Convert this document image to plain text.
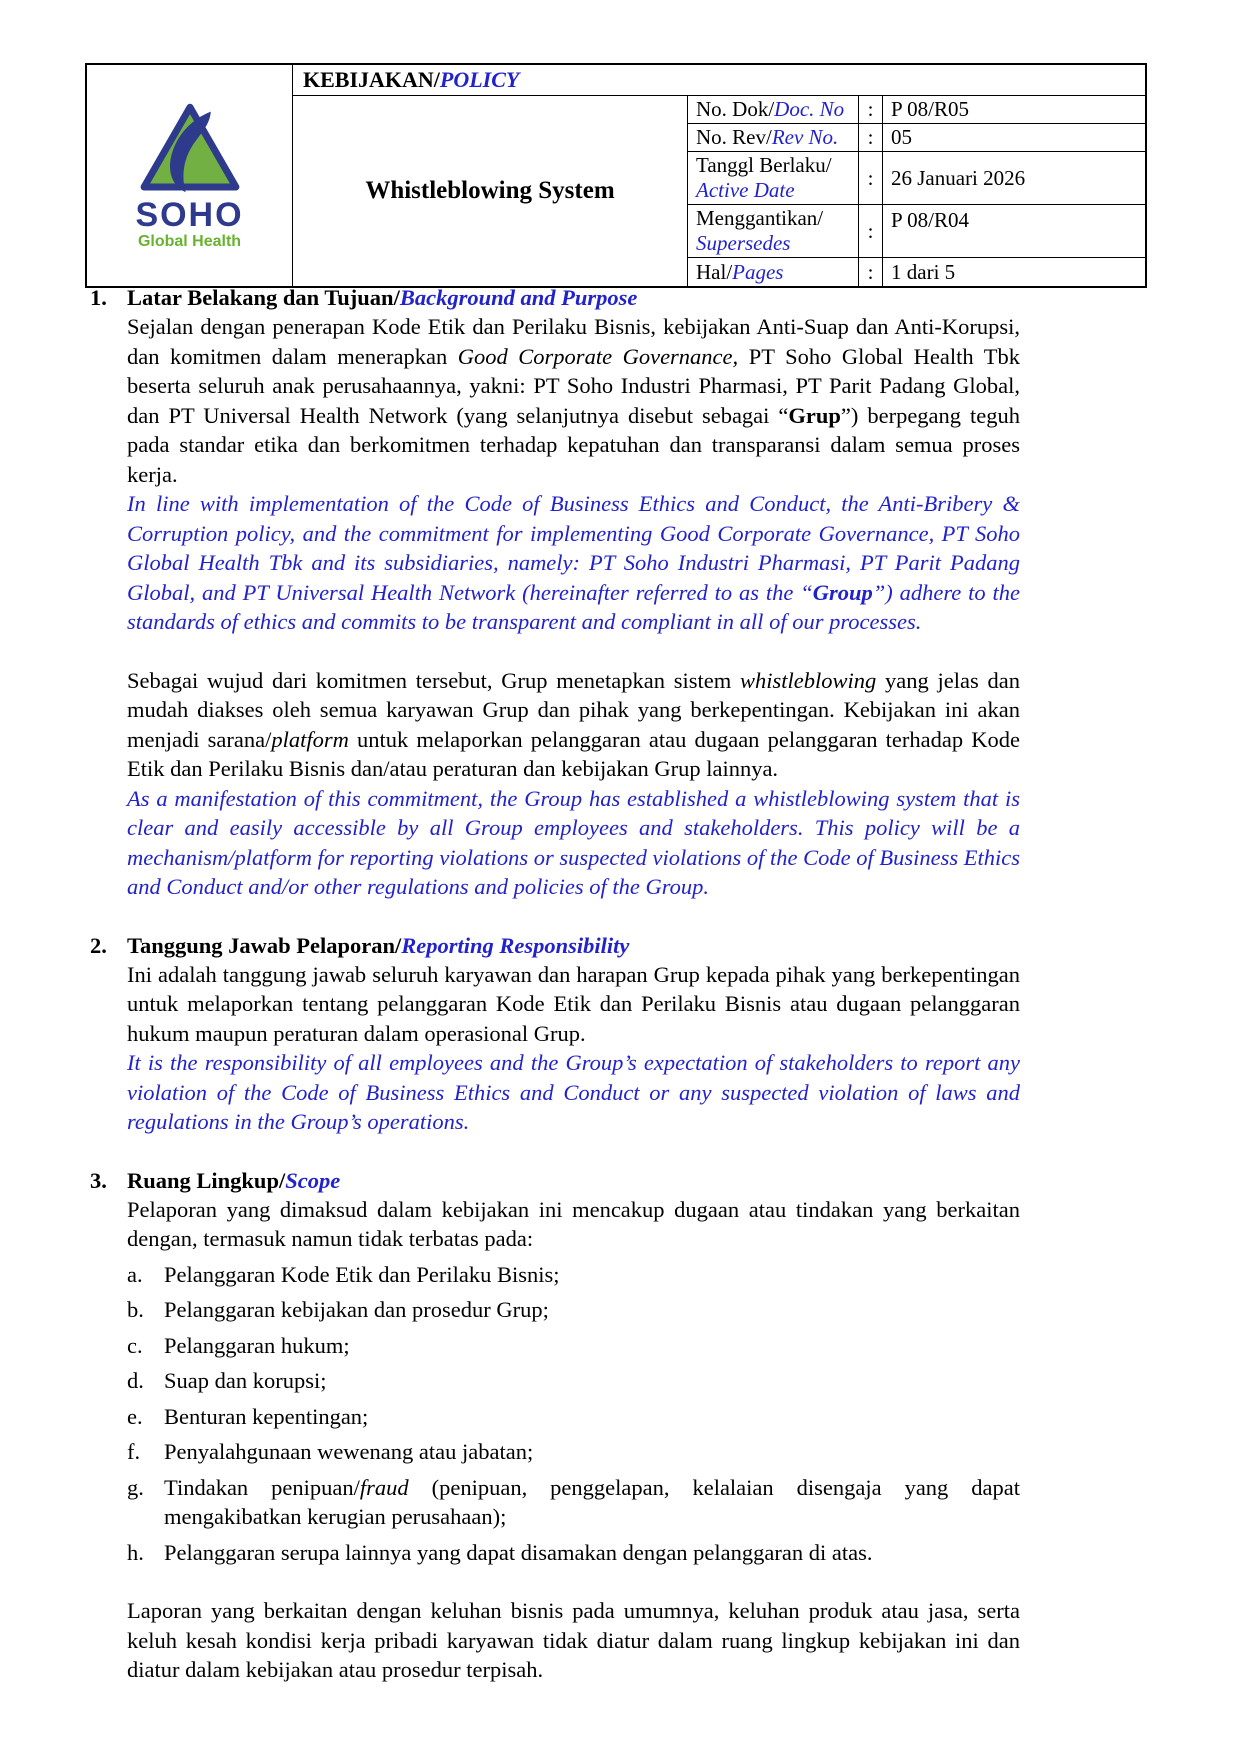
SOHO
Global Health
KEBIJAKAN/ POLICY
Whistleblowing System
No. Dok/ Doc. No	: P 08/R05
No. Rev/ Rev No.	: 05
Tanggl Berlaku/
Active Date
: 26 Januari 2026
Menggantikan/
Supersedes
: P 08/R04
Hal/ Pages	: 1 dari 5
1. Latar Belakang dan Tujuan/Background and Purpose

Sejalan dengan penerapan Kode Etik dan Perilaku Bisnis, kebijakan Anti-Suap dan Anti-Korupsi, dan komitmen dalam menerapkan Good Corporate Governance, PT Soho Global Health Tbk beserta seluruh anak perusahaannya, yakni: PT Soho Industri Pharmasi, PT Parit Padang Global, dan PT Universal Health Network (yang selanjutnya disebut sebagai “Grup”) berpegang teguh pada standar etika dan berkomitmen terhadap kepatuhan dan transparansi dalam semua proses kerja.

In line with implementation of the Code of Business Ethics and Conduct, the Anti-Bribery & Corruption policy, and the commitment for implementing Good Corporate Governance, PT Soho Global Health Tbk and its subsidiaries, namely: PT Soho Industri Pharmasi, PT Parit Padang Global, and PT Universal Health Network (hereinafter referred to as the “Group”) adhere to the standards of ethics and commits to be transparent and compliant in all of our processes.

Sebagai wujud dari komitmen tersebut, Grup menetapkan sistem whistleblowing yang jelas dan mudah diakses oleh semua karyawan Grup dan pihak yang berkepentingan. Kebijakan ini akan menjadi sarana/platform untuk melaporkan pelanggaran atau dugaan pelanggaran terhadap Kode Etik dan Perilaku Bisnis dan/atau peraturan dan kebijakan Grup lainnya.

As a manifestation of this commitment, the Group has established a whistleblowing system that is clear and easily accessible by all Group employees and stakeholders. This policy will be a mechanism/platform for reporting violations or suspected violations of the Code of Business Ethics and Conduct and/or other regulations and policies of the Group.

2. Tanggung Jawab Pelaporan/Reporting Responsibility

Ini adalah tanggung jawab seluruh karyawan dan harapan Grup kepada pihak yang berkepentingan untuk melaporkan tentang pelanggaran Kode Etik dan Perilaku Bisnis atau dugaan pelanggaran hukum maupun peraturan dalam operasional Grup.

It is the responsibility of all employees and the Group’s expectation of stakeholders to report any violation of the Code of Business Ethics and Conduct or any suspected violation of laws and regulations in the Group’s operations.

3. Ruang Lingkup/Scope

Pelaporan yang dimaksud dalam kebijakan ini mencakup dugaan atau tindakan yang berkaitan dengan, termasuk namun tidak terbatas pada:

a. Pelanggaran Kode Etik dan Perilaku Bisnis;
b. Pelanggaran kebijakan dan prosedur Grup;
c. Pelanggaran hukum;
d. Suap dan korupsi;
e. Benturan kepentingan;
f.	Penyalahgunaan wewenang atau jabatan;
g. Tindakan penipuan/fraud (penipuan, penggelapan, kelalaian disengaja yang dapat mengakibatkan kerugian perusahaan);
h. Pelanggaran serupa lainnya yang dapat disamakan dengan pelanggaran di atas.

Laporan yang berkaitan dengan keluhan bisnis pada umumnya, keluhan produk atau jasa, serta keluh kesah kondisi kerja pribadi karyawan tidak diatur dalam ruang lingkup kebijakan ini dan diatur dalam kebijakan atau prosedur terpisah.
